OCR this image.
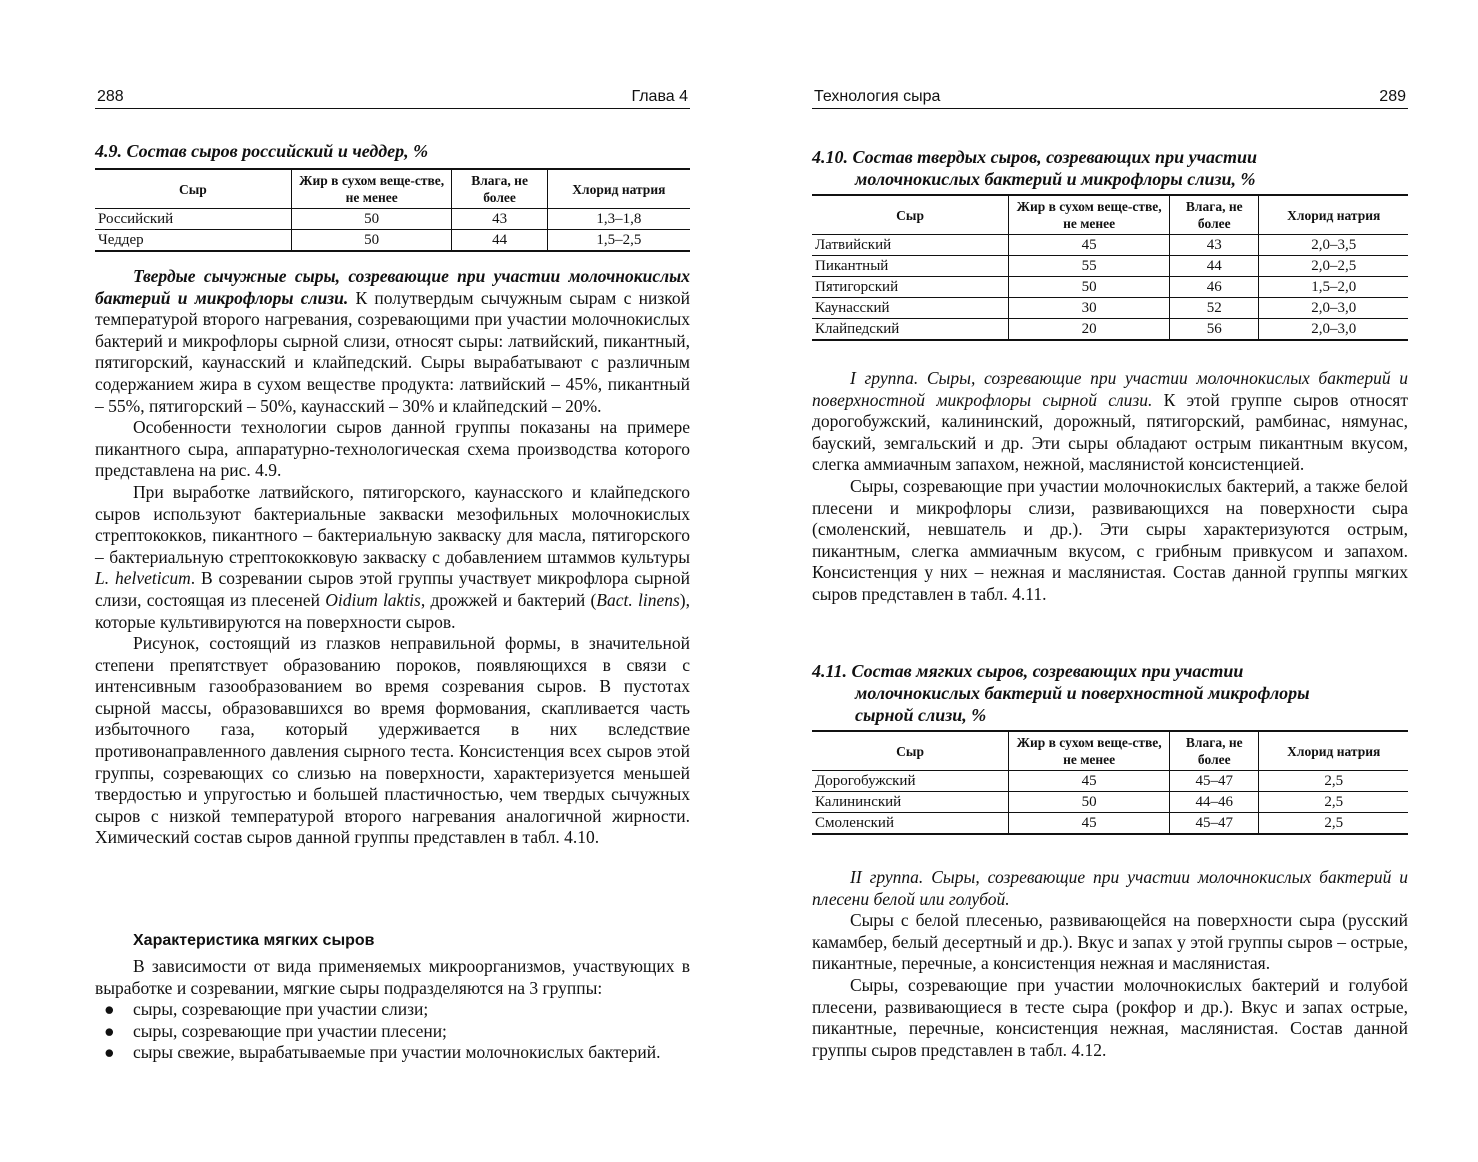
288	Глава 4
4.9. Состав сыров российский и чеддер, %
Сыр	Жир в сухом веще-стве, не менее	Влага, не более	Хлорид натрия
Российский	50	43	1,3–1,8
Чеддер	50	44	1,5–2,5

Твердые сычужные сыры, созревающие при участии молочнокислых бактерий и микрофлоры слизи. К полутвердым сычужным сырам с низкой температурой второго нагревания, созревающими при участии молочнокислых бактерий и микрофлоры сырной слизи, относят сыры: латвийский, пикантный, пятигорский, каунасский и клайпедский. Сыры вырабатывают с различным содержанием жира в сухом веществе продукта: латвийский – 45%, пикантный – 55%, пятигорский – 50%, каунасский – 30% и клайпедский – 20%.

Особенности технологии сыров данной группы показаны на примере пикантного сыра, аппаратурно-технологическая схема производства которого представлена на рис. 4.9.

При выработке латвийского, пятигорского, каунасского и клайпедского сыров используют бактериальные закваски мезофильных молочнокислых стрептококков, пикантного – бактериальную закваску для масла, пятигорского – бактериальную стрептококковую закваску с добавлением штаммов культуры L. helveticum. В созревании сыров этой группы участвует микрофлора сырной слизи, состоящая из плесеней Oidium laktis, дрожжей и бактерий (Bact. linens), которые культивируются на поверхности сыров.

Рисунок, состоящий из глазков неправильной формы, в значительной степени препятствует образованию пороков, появляющихся в связи с интенсивным газообразованием во время созревания сыров. В пустотах сырной массы, образовавшихся во время формования, скапливается часть избыточного газа, который удерживается в них вследствие противонаправленного давления сырного теста. Консистенция всех сыров этой группы, созревающих со слизью на поверхности, характеризуется меньшей твердостью и упругостью и большей пластичностью, чем твердых сычужных сыров с низкой температурой второго нагревания аналогичной жирности. Химический состав сыров данной группы представлен в табл. 4.10.

Характеристика мягких сыров

В зависимости от вида применяемых микроорганизмов, участвующих в выработке и созревании, мягкие сыры подразделяются на 3 группы:

● сыры, созревающие при участии слизи;
● сыры, созревающие при участии плесени;
● сыры свежие, вырабатываемые при участии молочнокислых бактерий.
Технология сыра	289
4.10. Состав твердых сыров, созревающих при участии
молочнокислых бактерий и микрофлоры слизи, %
Сыр	Жир в сухом веще-стве, не менее	Влага, не более	Хлорид натрия
Латвийский	45	43	2,0–3,5
Пикантный	55	44	2,0–2,5
Пятигорский	50	46	1,5–2,0
Каунасский	30	52	2,0–3,0
Клайпедский	20	56	2,0–3,0

I группа. Сыры, созревающие при участии молочнокислых бактерий и поверхностной микрофлоры сырной слизи. К этой группе сыров относят дорогобужский, калининский, дорожный, пятигорский, рамбинас, нямунас, бауский, земгальский и др. Эти сыры обладают острым пикантным вкусом, слегка аммиачным запахом, нежной, маслянистой консистенцией.

Сыры, созревающие при участии молочнокислых бактерий, а также белой плесени и микрофлоры слизи, развивающихся на поверхности сыра (смоленский, невшатель и др.). Эти сыры характеризуются острым, пикантным, слегка аммиачным вкусом, с грибным привкусом и запахом. Консистенция у них – нежная и маслянистая. Состав данной группы мягких сыров представлен в табл. 4.11.

4.11. Состав мягких сыров, созревающих при участии
молочнокислых бактерий и поверхностной микрофлоры
сырной слизи, %
Сыр	Жир в сухом веще-стве, не менее	Влага, не более	Хлорид натрия
Дорогобужский	45	45–47	2,5
Калининский	50	44–46	2,5
Смоленский	45	45–47	2,5

II группа. Сыры, созревающие при участии молочнокислых бактерий и плесени белой или голубой.

Сыры с белой плесенью, развивающейся на поверхности сыра (русский камамбер, белый десертный и др.). Вкус и запах у этой группы сыров – острые, пикантные, перечные, а консистенция нежная и маслянистая.

Сыры, созревающие при участии молочнокислых бактерий и голубой плесени, развивающиеся в тесте сыра (рокфор и др.). Вкус и запах острые, пикантные, перечные, консистенция нежная, маслянистая. Состав данной группы сыров представлен в табл. 4.12.
